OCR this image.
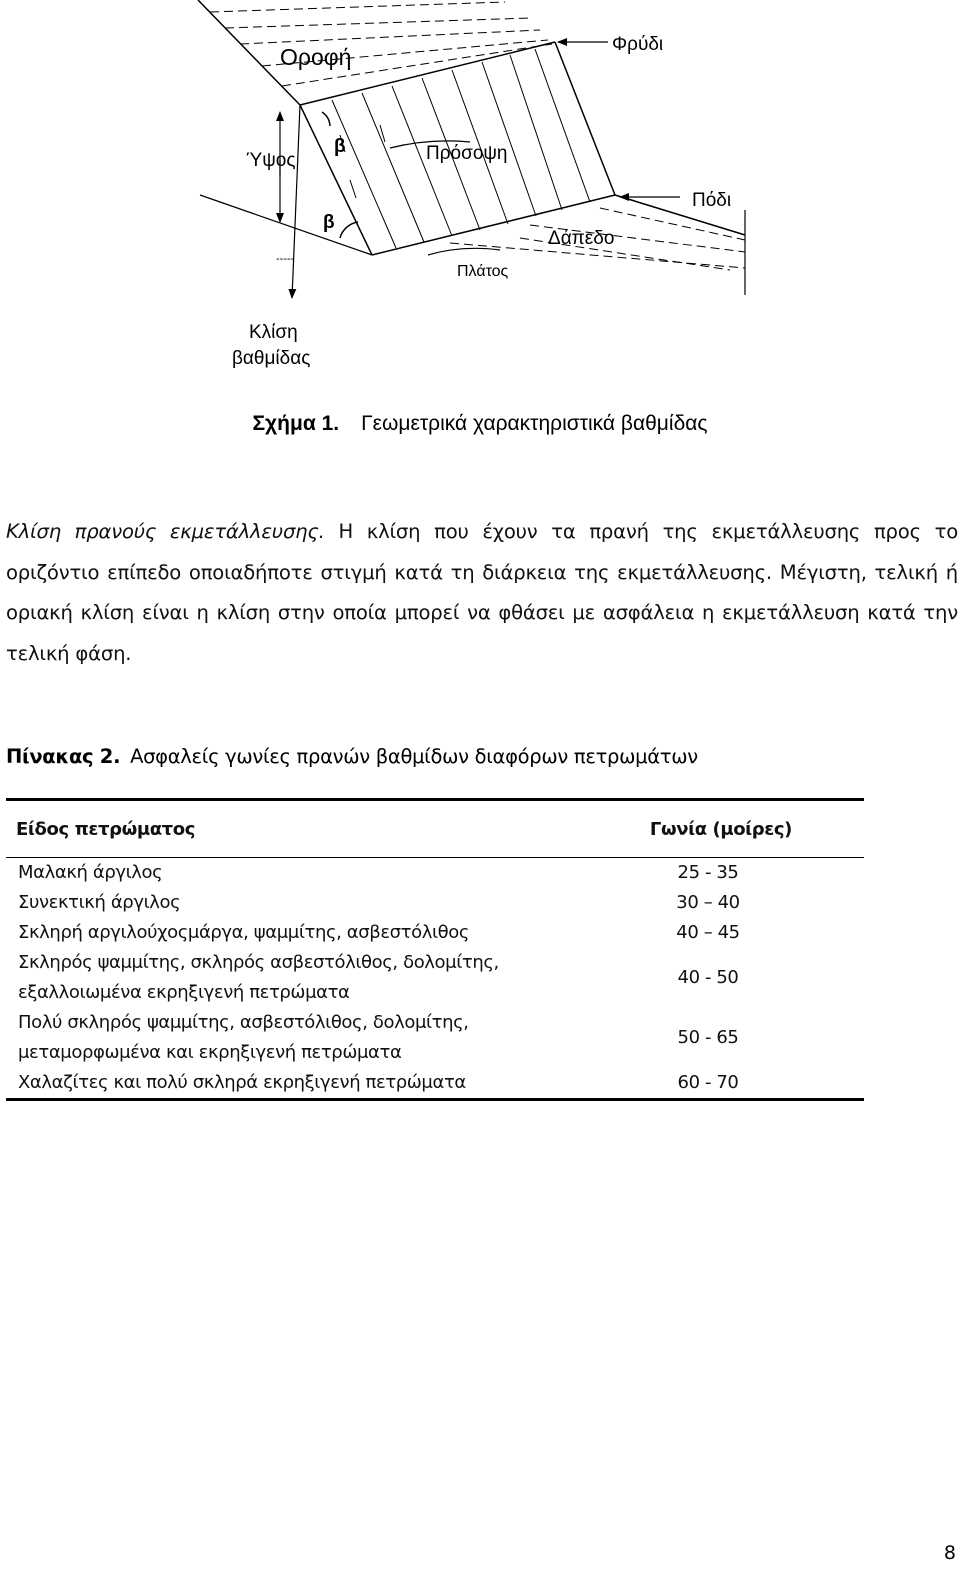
Οροφή	Φρύδι
Ύψος
β	Πρόσοψη
Πόδι
β
Δάπεδο
Πλάτος
-----
Κλίση
βαθμίδας
Σχήμα 1. Γεωμετρικά χαρακτηριστικά βαθμίδας
Κλίση πρανούς εκμετάλλευσης. Η κλίση που έχουν τα πρανή της εκμετάλλευσης προς το οριζόντιο επίπεδο οποιαδήποτε στιγμή κατά τη διάρκεια της εκμετάλλευσης. Μέγιστη, τελική ή οριακή κλίση είναι η κλίση στην οποία μπορεί να φθάσει με ασφάλεια η εκμετάλλευση κατά την τελική φάση.
Πίνακας 2. Ασφαλείς γωνίες πρανών βαθμίδων διαφόρων πετρωμάτων
Είδος πετρώματος	Γωνία (μοίρες)
Μαλακή άργιλος	25 - 35
Συνεκτική άργιλος	30 – 40
Σκληρή αργιλούχοςμάργα, ψαμμίτης, ασβεστόλιθος	40 – 45

Σκληρός ψαμμίτης, σκληρός ασβεστόλιθος, δολομίτης,
εξαλλοιωμένα εκρηξιγενή πετρώματα	40 - 50

Πολύ σκληρός ψαμμίτης, ασβεστόλιθος, δολομίτης,
μεταμορφωμένα και εκρηξιγενή πετρώματα	50 - 65
Χαλαζίτες και πολύ σκληρά εκρηξιγενή πετρώματα	60 - 70
8
